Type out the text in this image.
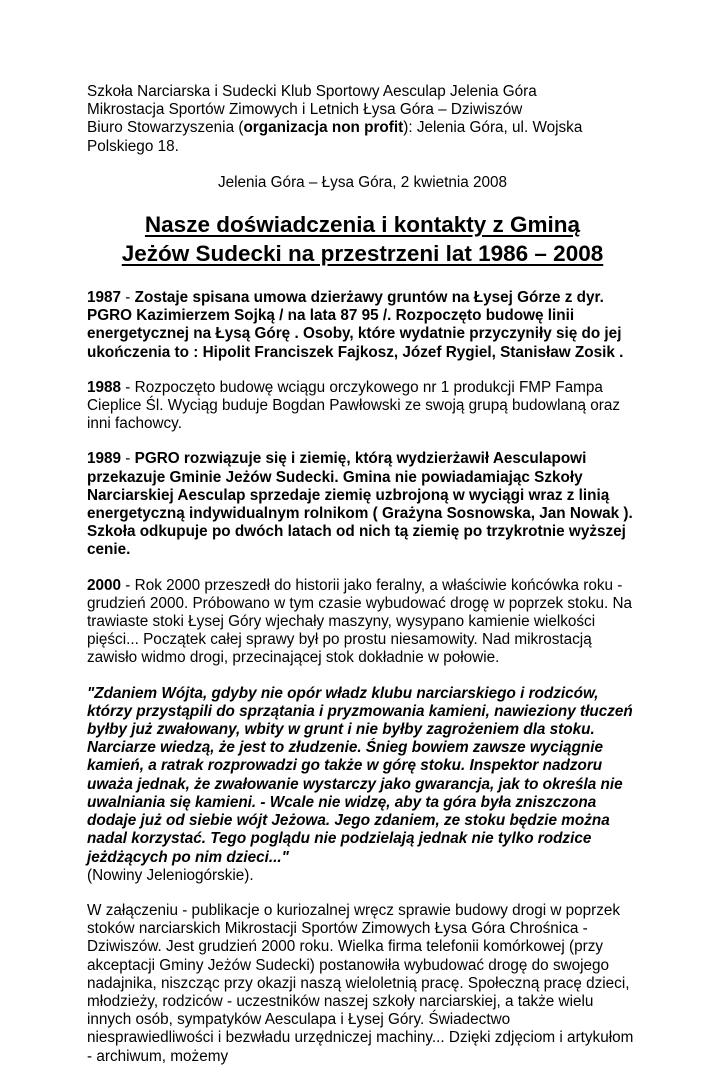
Szkoła Narciarska i Sudecki Klub Sportowy Aesculap Jelenia Góra

Mikrostacja Sportów Zimowych i Letnich Łysa Góra – Dziwiszów

Biuro Stowarzyszenia (organizacja non profit): Jelenia Góra, ul. Wojska Polskiego 18.

Jelenia Góra – Łysa Góra, 2 kwietnia 2008

Nasze doświadczenia i kontakty z Gminą
Jeżów Sudecki na przestrzeni lat 1986 – 2008

1987 - Zostaje spisana umowa dzierżawy gruntów na Łysej Górze z dyr. PGRO Kazimierzem Sojką / na lata 87 95 /. Rozpoczęto budowę linii energetycznej na Łysą Górę . Osoby, które wydatnie przyczyniły się do jej ukończenia to : Hipolit Franciszek Fajkosz, Józef Rygiel, Stanisław Zosik .

1988 - Rozpoczęto budowę wciągu orczykowego nr 1 produkcji FMP Fampa Cieplice Śl. Wyciąg buduje Bogdan Pawłowski ze swoją grupą budowlaną oraz inni fachowcy.

1989 - PGRO rozwiązuje się i ziemię, którą wydzierżawił Aesculapowi przekazuje Gminie Jeżów Sudecki. Gmina nie powiadamiając Szkoły Narciarskiej Aesculap sprzedaje ziemię uzbrojoną w wyciągi wraz z linią energetyczną indywidualnym rolnikom ( Grażyna Sosnowska, Jan Nowak ). Szkoła odkupuje po dwóch latach od nich tą ziemię po trzykrotnie wyższej cenie.

2000 - Rok 2000 przeszedł do historii jako feralny, a właściwie końcówka roku - grudzień 2000. Próbowano w tym czasie wybudować drogę w poprzek stoku. Na trawiaste stoki Łysej Góry wjechały maszyny, wysypano kamienie wielkości pięści... Początek całej sprawy był po prostu niesamowity. Nad mikrostacją zawisło widmo drogi, przecinającej stok dokładnie w połowie.

"Zdaniem Wójta, gdyby nie opór władz klubu narciarskiego i rodziców, którzy przystąpili do sprzątania i pryzmowania kamieni, nawieziony tłuczeń byłby już zwałowany, wbity w grunt i nie byłby zagrożeniem dla stoku. Narciarze wiedzą, że jest to złudzenie. Śnieg bowiem zawsze wyciągnie kamień, a ratrak rozprowadzi go także w górę stoku. Inspektor nadzoru uważa jednak, że zwałowanie wystarczy jako gwarancja, jak to określa nie uwalniania się kamieni. - Wcale nie widzę, aby ta góra była zniszczona dodaje już od siebie wójt Jeżowa. Jego zdaniem, ze stoku będzie można nadal korzystać. Tego poglądu nie podzielają jednak nie tylko rodzice jeżdżących po nim dzieci..."
(Nowiny Jeleniogórskie).

W załączeniu - publikacje o kuriozalnej wręcz sprawie budowy drogi w poprzek stoków narciarskich Mikrostacji Sportów Zimowych Łysa Góra Chrośnica - Dziwiszów. Jest grudzień 2000 roku. Wielka firma telefonii komórkowej (przy akceptacji Gminy Jeżów Sudecki) postanowiła wybudować drogę do swojego nadajnika, niszcząc przy okazji naszą wieloletnią pracę. Społeczną pracę dzieci, młodzieży, rodziców - uczestników naszej szkoły narciarskiej, a także wielu innych osób, sympatyków Aesculapa i Łysej Góry. Świadectwo niesprawiedliwości i bezwładu urzędniczej machiny... Dzięki zdjęciom i artykułom - archiwum, możemy
